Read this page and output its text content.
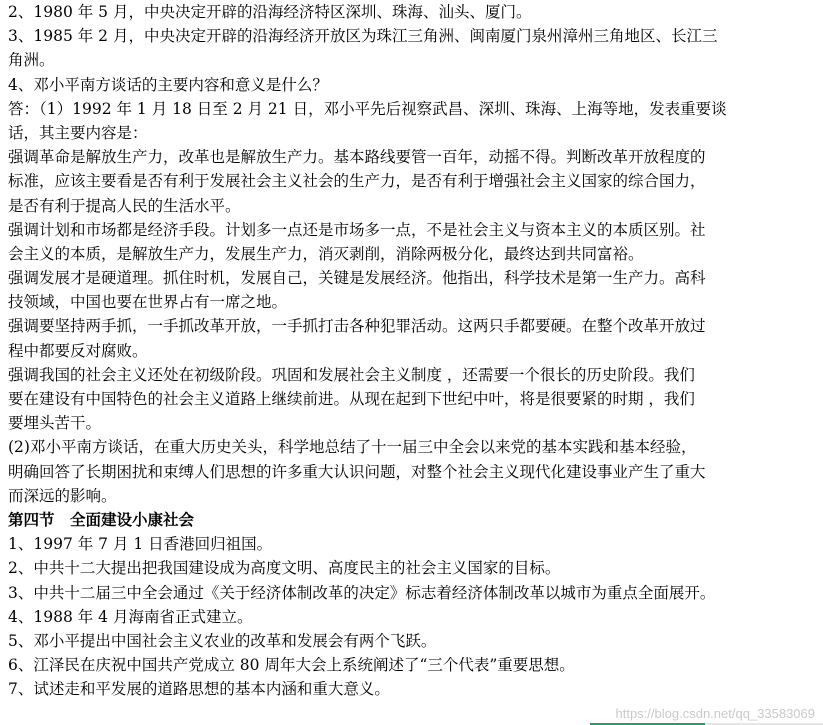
2、1980 年 5 月，中央决定开辟的沿海经济特区深圳、珠海、汕头、厦门。
3、1985 年 2 月，中央决定开辟的沿海经济开放区为珠江三角洲、闽南厦门泉州漳州三角地区、长江三
角洲。
4、邓小平南方谈话的主要内容和意义是什么？
答：（1）1992 年 1 月 18 日至 2 月 21 日，邓小平先后视察武昌、深圳、珠海、上海等地，发表重要谈
话，其主要内容是：
强调革命是解放生产力，改革也是解放生产力。基本路线要管一百年，动摇不得。判断改革开放程度的
标准，应该主要看是否有利于发展社会主义社会的生产力，是否有利于增强社会主义国家的综合国力，
是否有利于提高人民的生活水平。
强调计划和市场都是经济手段。计划多一点还是市场多一点，不是社会主义与资本主义的本质区别。社
会主义的本质，是解放生产力，发展生产力，消灭剥削，消除两极分化，最终达到共同富裕。
强调发展才是硬道理。抓住时机，发展自己，关键是发展经济。他指出，科学技术是第一生产力。高科
技领域，中国也要在世界占有一席之地。
强调要坚持两手抓，一手抓改革开放，一手抓打击各种犯罪活动。这两只手都要硬。在整个改革开放过
程中都要反对腐败。
强调我国的社会主义还处在初级阶段。巩固和发展社会主义制度 ，还需要一个很长的历史阶段。我们
要在建设有中国特色的社会主义道路上继续前进。从现在起到下世纪中叶，将是很要紧的时期 ，我们
要埋头苦干。
(2)邓小平南方谈话，在重大历史关头，科学地总结了十一届三中全会以来党的基本实践和基本经验，
明确回答了长期困扰和束缚人们思想的许多重大认识问题，对整个社会主义现代化建设事业产生了重大
而深远的影响。
第四节　全面建设小康社会
1、1997 年 7 月 1 日香港回归祖国。
2、中共十二大提出把我国建设成为高度文明、高度民主的社会主义国家的目标。
3、中共十二届三中全会通过《关于经济体制改革的决定》标志着经济体制改革以城市为重点全面展开。
4、1988 年 4 月海南省正式建立。
5、邓小平提出中国社会主义农业的改革和发展会有两个飞跃。
6、江泽民在庆祝中国共产党成立 80 周年大会上系统阐述了“三个代表”重要思想。
7、试述走和平发展的道路思想的基本内涵和重大意义。
https://blog.csdn.net/qq_33583069
